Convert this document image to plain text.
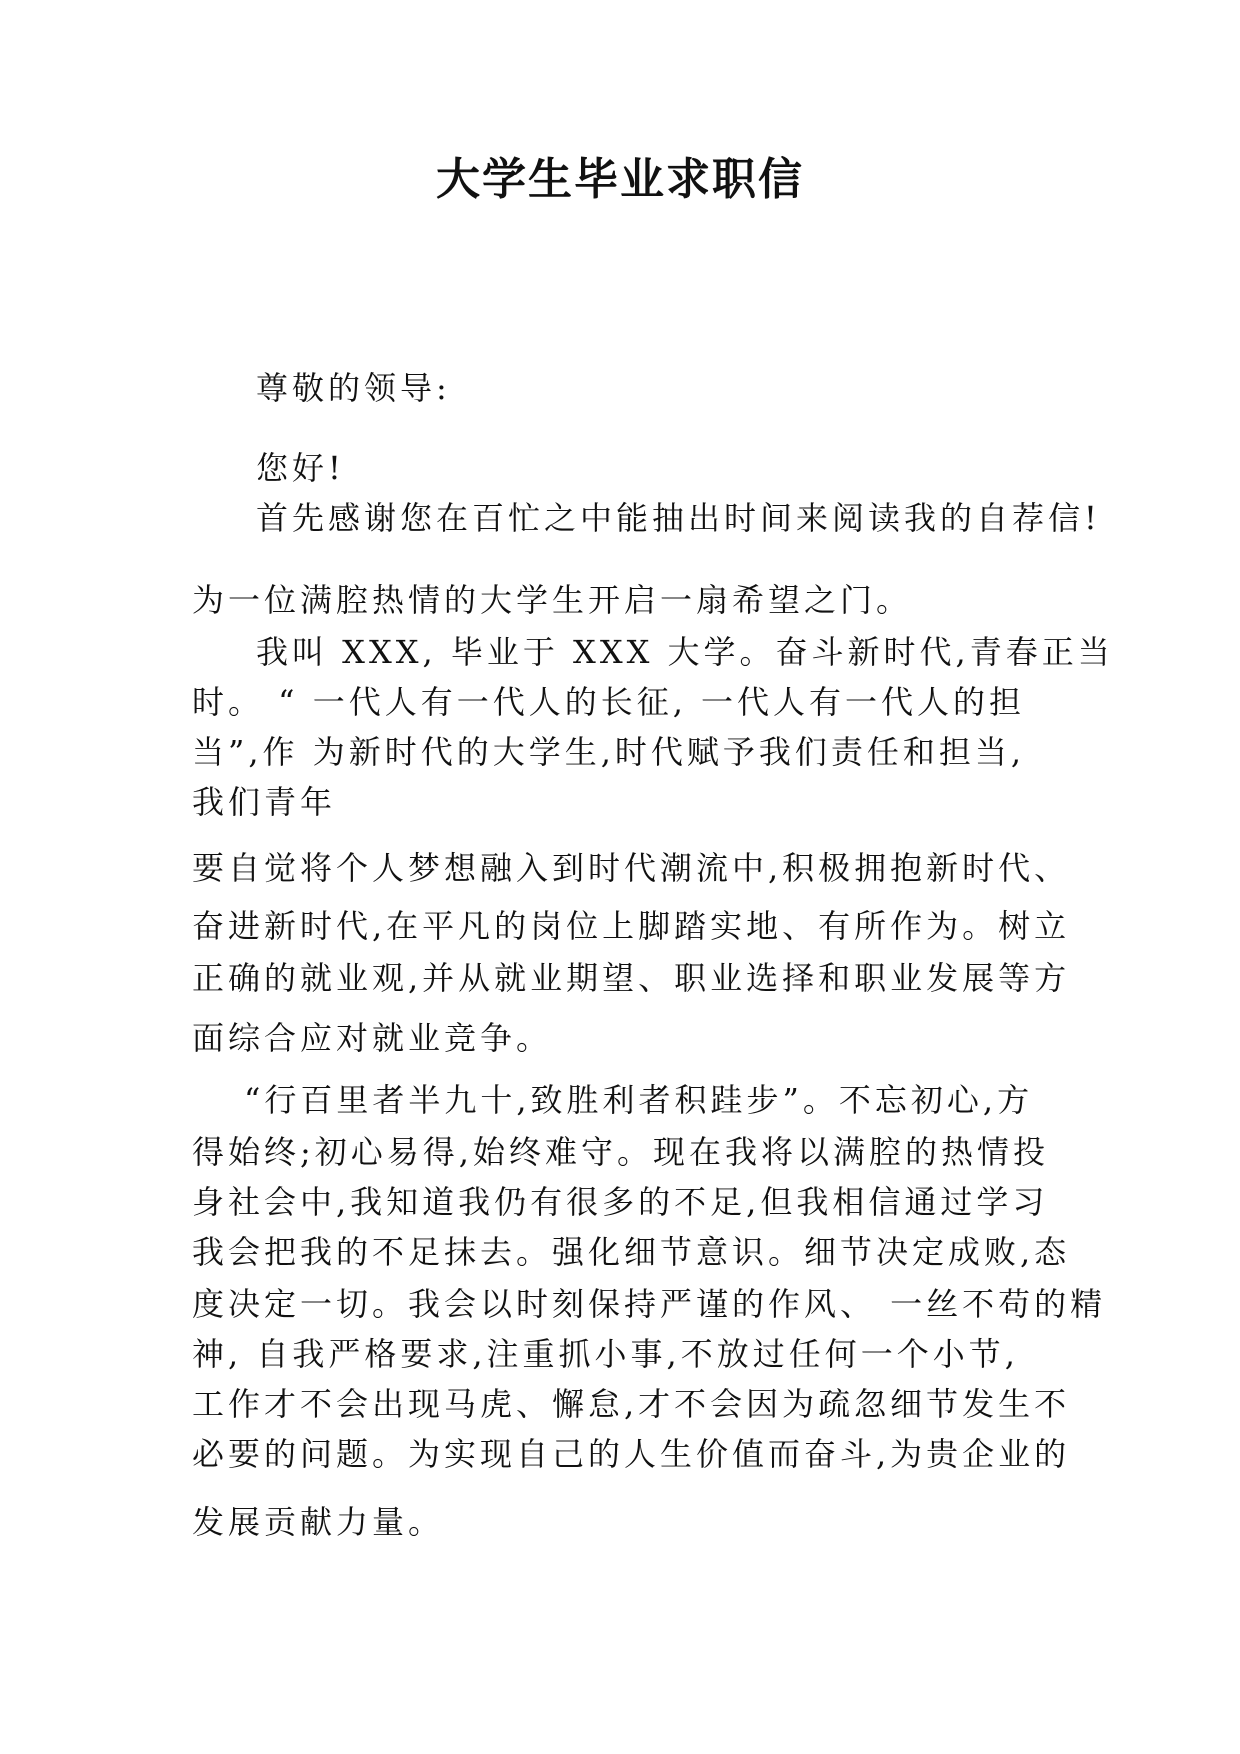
大学生毕业求职信
尊敬的领导:
您好!
首先感谢您在百忙之中能抽出时间来阅读我的自荐信!
为一位满腔热情的大学生开启一扇希望之门。
我叫 XXX, 毕业于 XXX 大学。奋斗新时代,青春正当
时。 “ 一代人有一代人的长征, 一代人有一代人的担
当”,作 为新时代的大学生,时代赋予我们责任和担当,
我们青年
要自觉将个人梦想融入到时代潮流中,积极拥抱新时代、
奋进新时代,在平凡的岗位上脚踏实地、有所作为。树立
正确的就业观,并从就业期望、职业选择和职业发展等方
面综合应对就业竞争。
“行百里者半九十,致胜利者积跬步”。不忘初心,方
得始终;初心易得,始终难守。现在我将以满腔的热情投
身社会中,我知道我仍有很多的不足,但我相信通过学习
我会把我的不足抹去。强化细节意识。细节决定成败,态
度决定一切。我会以时刻保持严谨的作风、 一丝不苟的精
神, 自我严格要求,注重抓小事,不放过任何一个小节,
工作才不会出现马虎、懈怠,才不会因为疏忽细节发生不
必要的问题。为实现自己的人生价值而奋斗,为贵企业的
发展贡献力量。
